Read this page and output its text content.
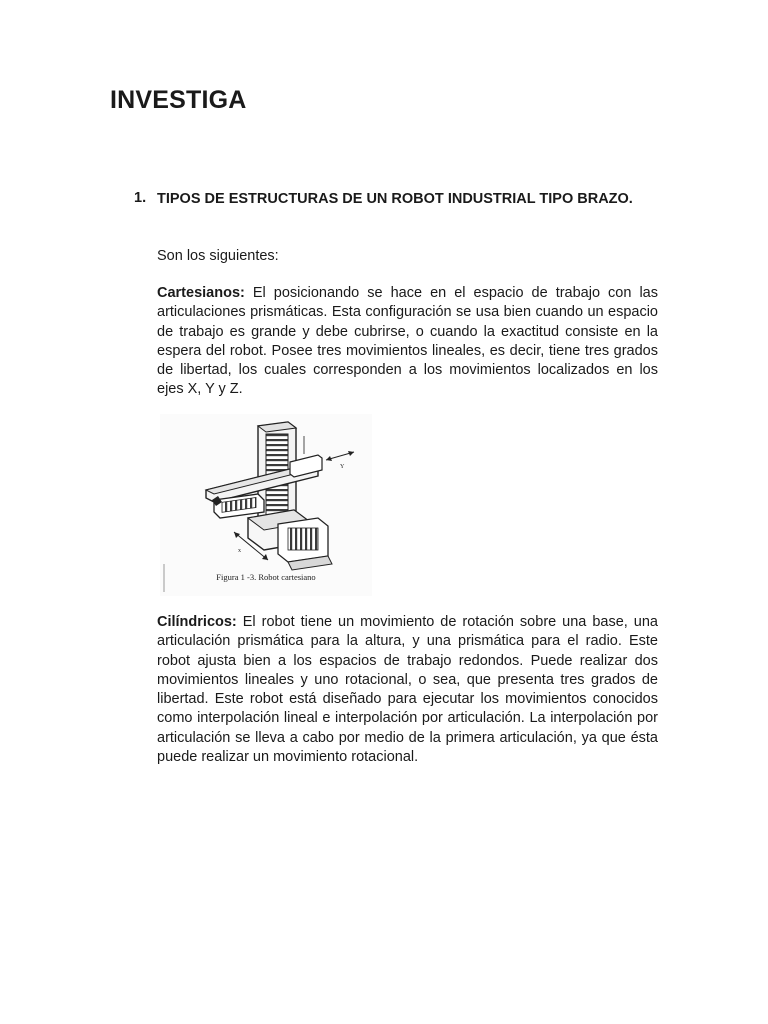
INVESTIGA
1. TIPOS DE ESTRUCTURAS DE UN ROBOT INDUSTRIAL TIPO BRAZO.

Son los siguientes:

Cartesianos: El posicionando se hace en el espacio de trabajo con las articulaciones prismáticas. Esta configuración se usa bien cuando un espacio de trabajo es grande y debe cubrirse, o cuando la exactitud consiste en la espera del robot. Posee tres movimientos lineales, es decir, tiene tres grados de libertad, los cuales corresponden a los movimientos localizados en los ejes X, Y y Z.

Y
x
Figura 1 -3. Robot cartesiano

Cilíndricos: El robot tiene un movimiento de rotación sobre una base, una articulación prismática para la altura, y una prismática para el radio. Este robot ajusta bien a los espacios de trabajo redondos. Puede realizar dos movimientos lineales y uno rotacional, o sea, que presenta tres grados de libertad. Este robot está diseñado para ejecutar los movimientos conocidos como interpolación lineal e interpolación por articulación. La interpolación por articulación se lleva a cabo por medio de la primera articulación, ya que ésta puede realizar un movimiento rotacional.
